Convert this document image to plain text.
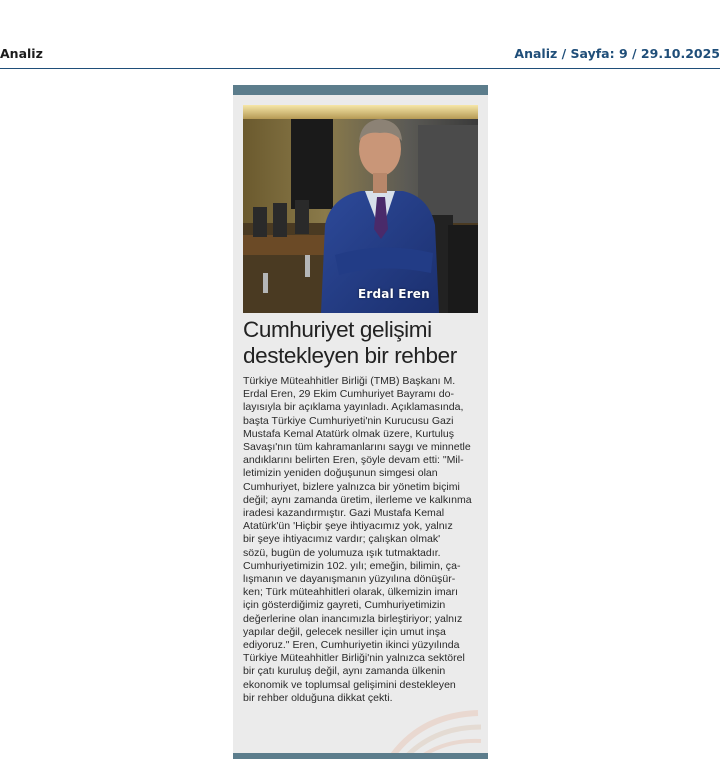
Analiz	Analiz / Sayfa: 9 / 29.10.2025
Erdal Eren
Cumhuriyet gelişimi
destekleyen bir rehber
Türkiye Müteahhitler Birliği (TMB) Başkanı M.
Erdal Eren, 29 Ekim Cumhuriyet Bayramı do-
layısıyla bir açıklama yayınladı. Açıklamasında,
başta Türkiye Cumhuriyeti'nin Kurucusu Gazi
Mustafa Kemal Atatürk olmak üzere, Kurtuluş
Savaşı'nın tüm kahramanlarını saygı ve minnetle
andıklarını belirten Eren, şöyle devam etti: "Mil-
letimizin yeniden doğuşunun simgesi olan
Cumhuriyet, bizlere yalnızca bir yönetim biçimi
değil; aynı zamanda üretim, ilerleme ve kalkınma
iradesi kazandırmıştır. Gazi Mustafa Kemal
Atatürk'ün 'Hiçbir şeye ihtiyacımız yok, yalnız
bir şeye ihtiyacımız vardır; çalışkan olmak'
sözü, bugün de yolumuza ışık tutmaktadır.
Cumhuriyetimizin 102. yılı; emeğin, bilimin, ça-
lışmanın ve dayanışmanın yüzyılına dönüşür-
ken; Türk müteahhitleri olarak, ülkemizin imarı
için gösterdiğimiz gayreti, Cumhuriyetimizin
değerlerine olan inancımızla birleştiriyor; yalnız
yapılar değil, gelecek nesiller için umut inşa
ediyoruz." Eren, Cumhuriyetin ikinci yüzyılında
Türkiye Müteahhitler Birliği'nin yalnızca sektörel
bir çatı kuruluş değil, aynı zamanda ülkenin
ekonomik ve toplumsal gelişimini destekleyen
bir rehber olduğuna dikkat çekti.
